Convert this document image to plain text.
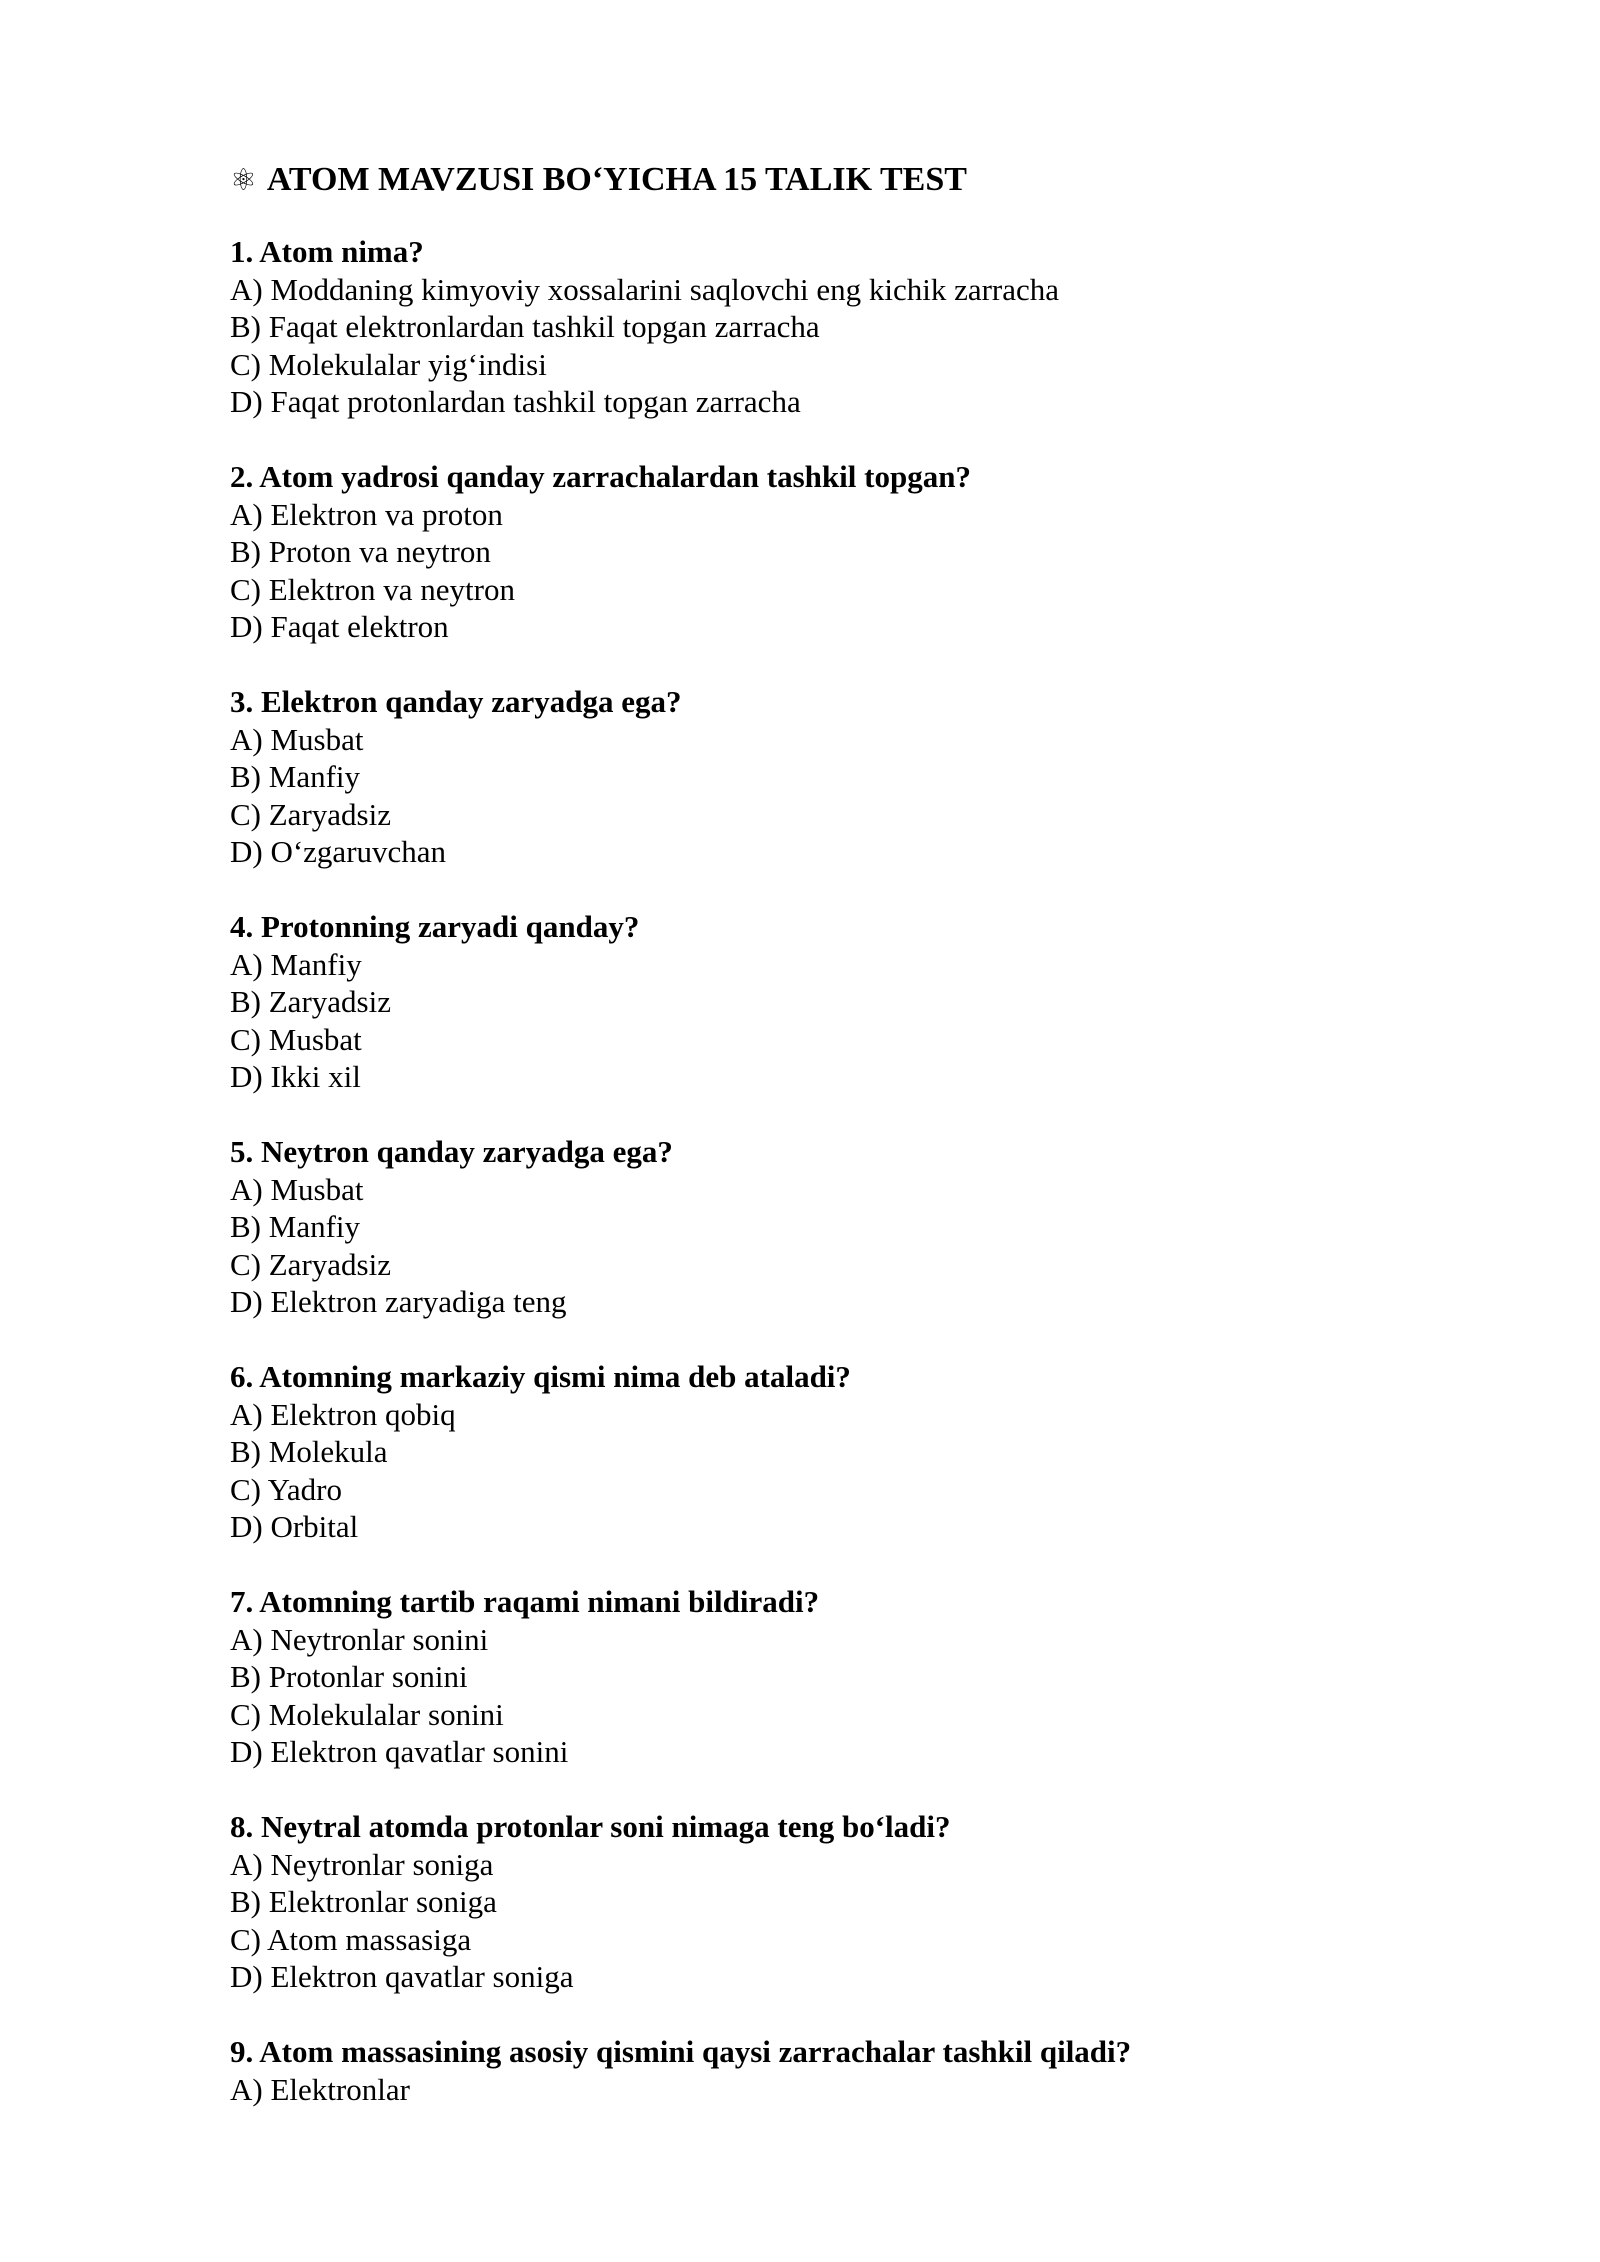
⚛ ATOM MAVZUSI BO‘YICHA 15 TALIK TEST
1. Atom nima?
A) Moddaning kimyoviy xossalarini saqlovchi eng kichik zarracha
B) Faqat elektronlardan tashkil topgan zarracha
C) Molekulalar yig‘indisi
D) Faqat protonlardan tashkil topgan zarracha
2. Atom yadrosi qanday zarrachalardan tashkil topgan?
A) Elektron va proton
B) Proton va neytron
C) Elektron va neytron
D) Faqat elektron
3. Elektron qanday zaryadga ega?
A) Musbat
B) Manfiy
C) Zaryadsiz
D) O‘zgaruvchan
4. Protonning zaryadi qanday?
A) Manfiy
B) Zaryadsiz
C) Musbat
D) Ikki xil
5. Neytron qanday zaryadga ega?
A) Musbat
B) Manfiy
C) Zaryadsiz
D) Elektron zaryadiga teng
6. Atomning markaziy qismi nima deb ataladi?
A) Elektron qobiq
B) Molekula
C) Yadro
D) Orbital
7. Atomning tartib raqami nimani bildiradi?
A) Neytronlar sonini
B) Protonlar sonini
C) Molekulalar sonini
D) Elektron qavatlar sonini
8. Neytral atomda protonlar soni nimaga teng bo‘ladi?
A) Neytronlar soniga
B) Elektronlar soniga
C) Atom massasiga
D) Elektron qavatlar soniga
9. Atom massasining asosiy qismini qaysi zarrachalar tashkil qiladi?
A) Elektronlar
